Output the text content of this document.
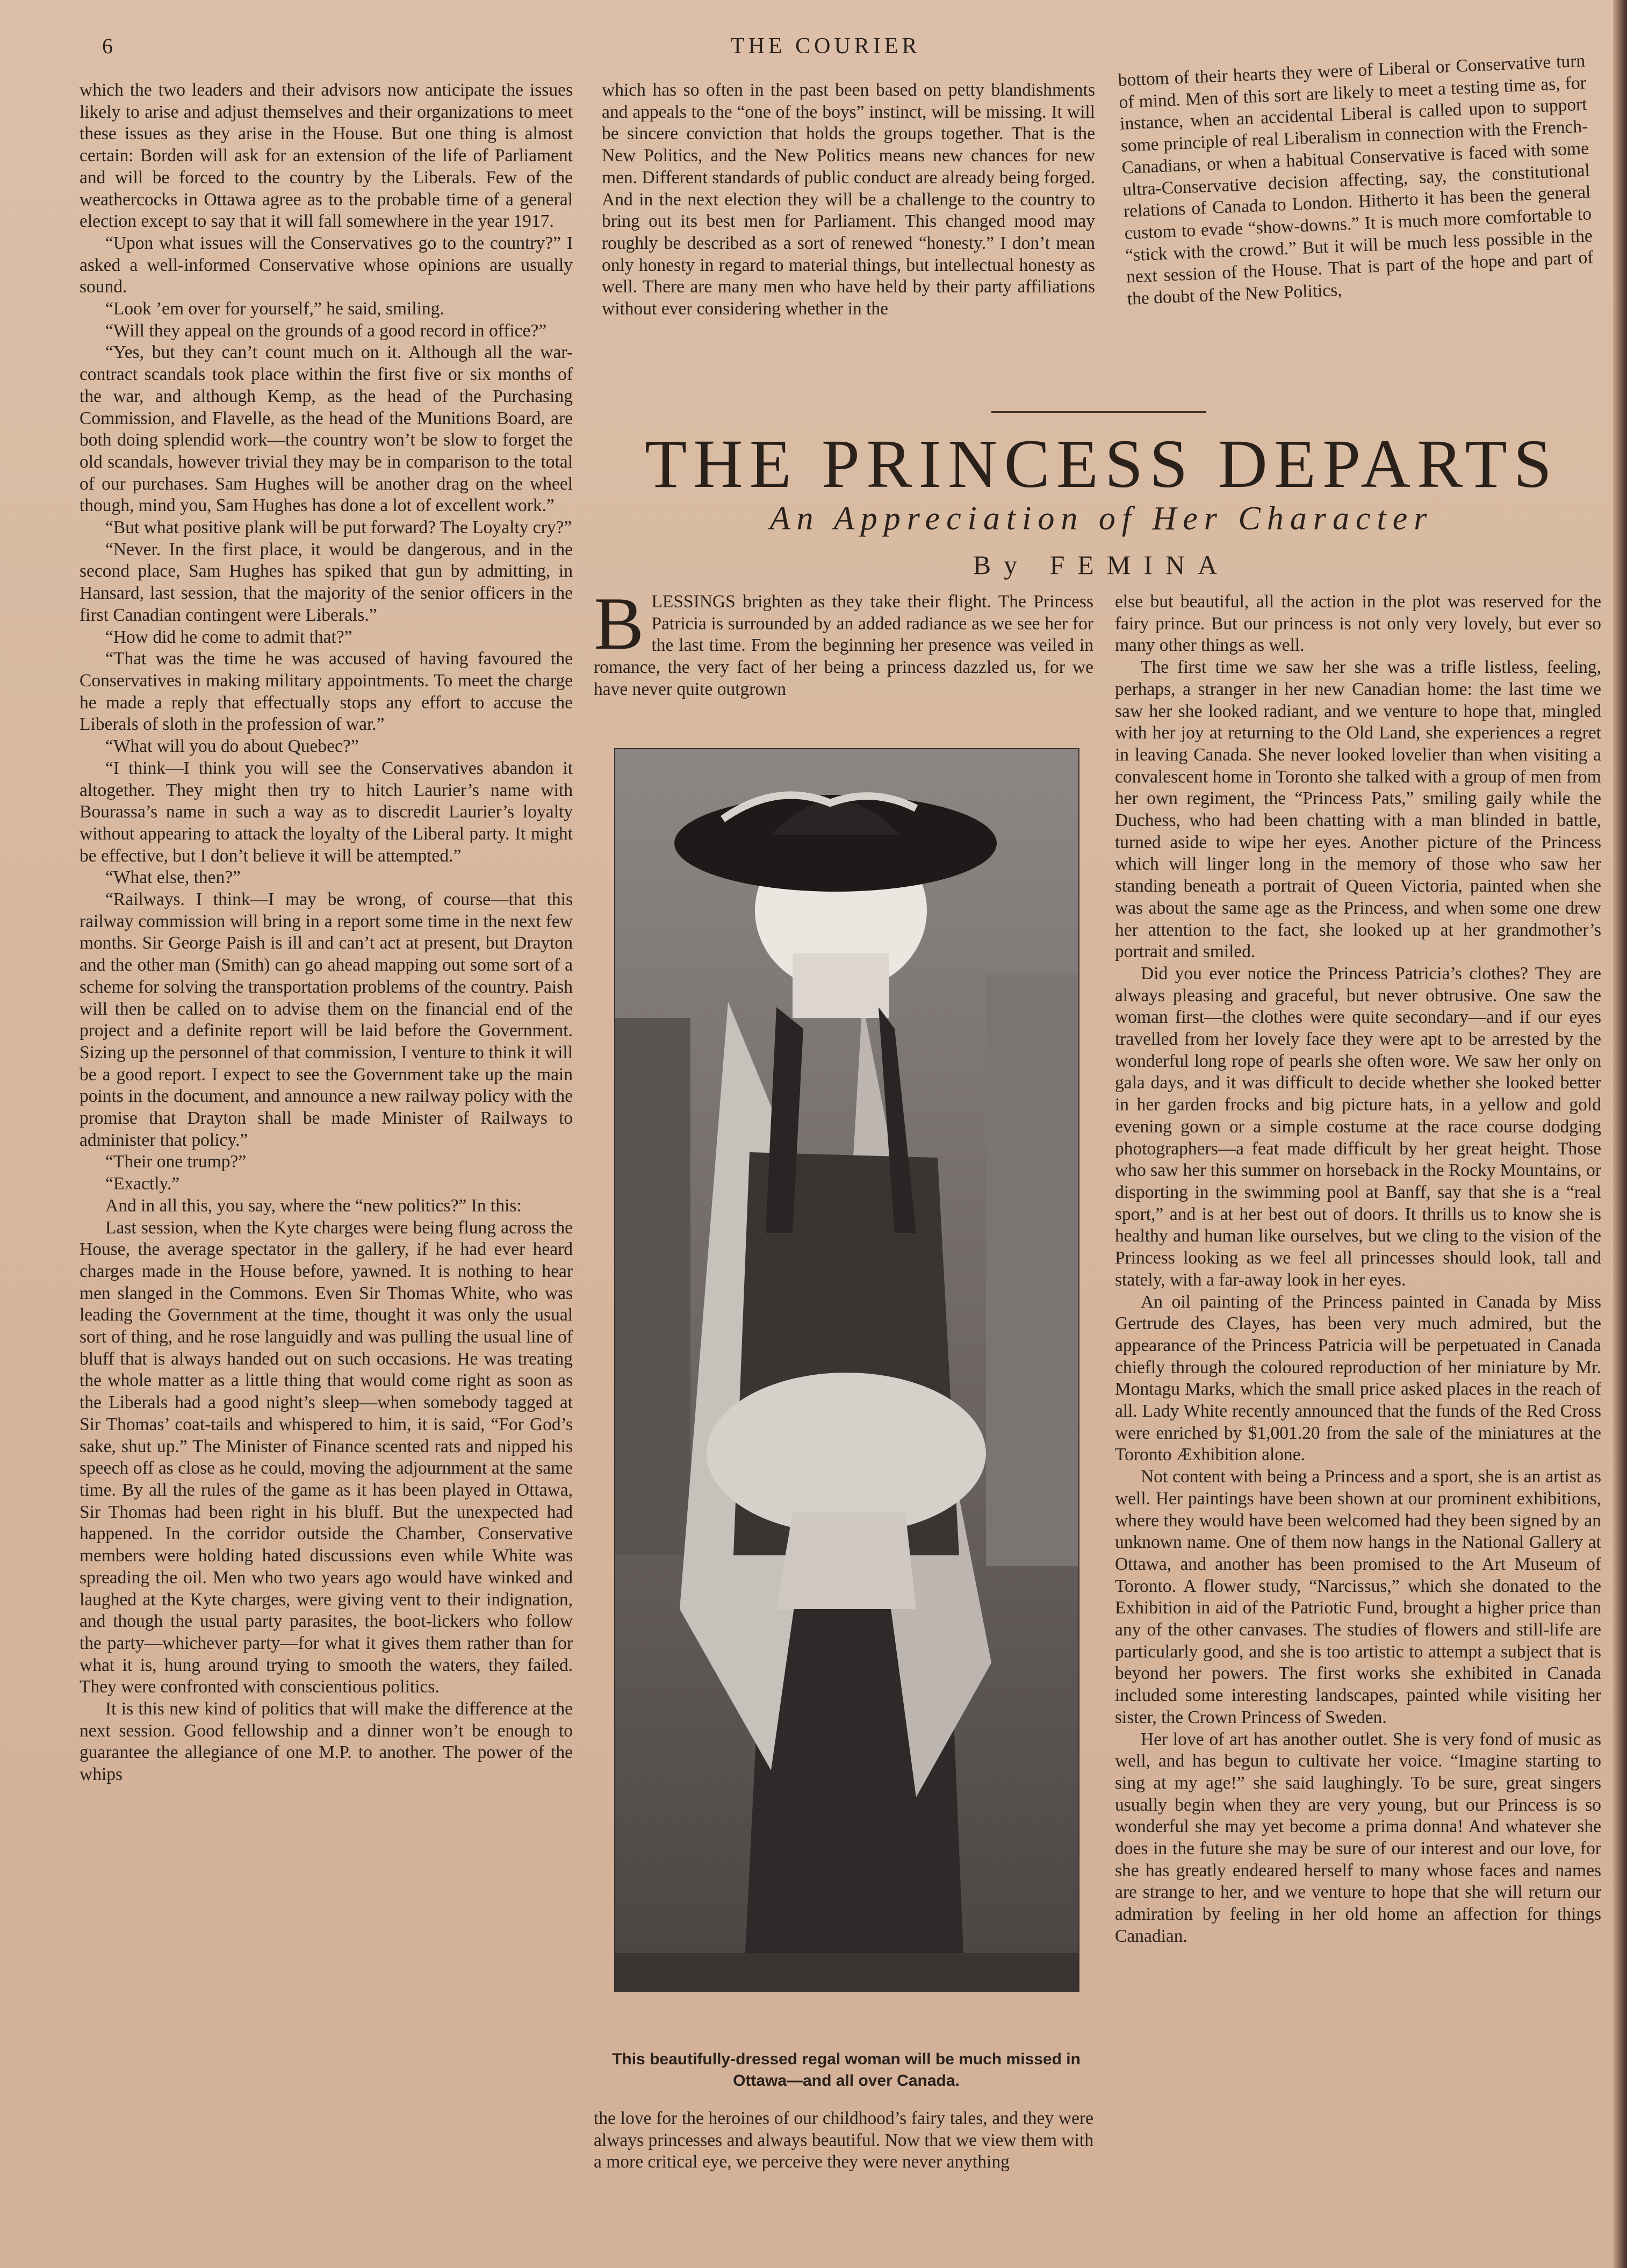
6	THE COURIER

which the two leaders and their advisors now anticipate the issues likely to arise and adjust themselves and their organizations to meet these issues as they arise in the House. But one thing is almost certain: Borden will ask for an extension of the life of Parliament and will be forced to the country by the Liberals. Few of the weathercocks in Ottawa agree as to the probable time of a general election except to say that it will fall somewhere in the year 1917.

“Upon what issues will the Conservatives go to the country?” I asked a well-informed Conservative whose opinions are usually sound.

“Look ’em over for yourself,” he said, smiling.

“Will they appeal on the grounds of a good record in office?”

“Yes, but they can’t count much on it. Although all the war-contract scandals took place within the first five or six months of the war, and although Kemp, as the head of the Purchasing Commission, and Flavelle, as the head of the Munitions Board, are both doing splendid work—the country won’t be slow to forget the old scandals, however trivial they may be in comparison to the total of our purchases. Sam Hughes will be another drag on the wheel though, mind you, Sam Hughes has done a lot of excellent work.”

“But what positive plank will be put forward? The Loyalty cry?”

“Never. In the first place, it would be dangerous, and in the second place, Sam Hughes has spiked that gun by admitting, in Hansard, last session, that the majority of the senior officers in the first Canadian contingent were Liberals.”

“How did he come to admit that?”

“That was the time he was accused of having favoured the Conservatives in making military appointments. To meet the charge he made a reply that effectually stops any effort to accuse the Liberals of sloth in the profession of war.”

“What will you do about Quebec?”

“I think—I think you will see the Conservatives abandon it altogether. They might then try to hitch Laurier’s name with Bourassa’s name in such a way as to discredit Laurier’s loyalty without appearing to attack the loyalty of the Liberal party. It might be effective, but I don’t believe it will be attempted.”

“What else, then?”

“Railways. I think—I may be wrong, of course—that this railway commission will bring in a report some time in the next few months. Sir George Paish is ill and can’t act at present, but Drayton and the other man (Smith) can go ahead mapping out some sort of a scheme for solving the transportation problems of the country. Paish will then be called on to advise them on the financial end of the project and a definite report will be laid before the Government. Sizing up the personnel of that commission, I venture to think it will be a good report. I expect to see the Government take up the main points in the document, and announce a new railway policy with the promise that Drayton shall be made Minister of Railways to administer that policy.”

“Their one trump?”

“Exactly.”

And in all this, you say, where the “new politics?” In this:

Last session, when the Kyte charges were being flung across the House, the average spectator in the gallery, if he had ever heard charges made in the House before, yawned. It is nothing to hear men slanged in the Commons. Even Sir Thomas White, who was leading the Government at the time, thought it was only the usual sort of thing, and he rose languidly and was pulling the usual line of bluff that is always handed out on such occasions. He was treating the whole matter as a little thing that would come right as soon as the Liberals had a good night’s sleep—when somebody tagged at Sir Thomas’ coat-tails and whispered to him, it is said, “For God’s sake, shut up.” The Minister of Finance scented rats and nipped his speech off as close as he could, moving the adjournment at the same time. By all the rules of the game as it has been played in Ottawa, Sir Thomas had been right in his bluff. But the unexpected had happened. In the corridor outside the Chamber, Conservative members were holding hated discussions even while White was spreading the oil. Men who two years ago would have winked and laughed at the Kyte charges, were giving vent to their indignation, and though the usual party parasites, the boot-lickers who follow the party—whichever party—for what it gives them rather than for what it is, hung around trying to smooth the waters, they failed. They were confronted with conscientious politics.

It is this new kind of politics that will make the difference at the next session. Good fellowship and a dinner won’t be enough to guarantee the allegiance of one M.P. to another. The power of the whips

which has so often in the past been based on petty blandishments and appeals to the “one of the boys” instinct, will be missing. It will be sincere conviction that holds the groups together. That is the New Politics, and the New Politics means new chances for new men. Different standards of public conduct are already being forged. And in the next election they will be a challenge to the country to bring out its best men for Parliament. This changed mood may roughly be described as a sort of renewed “honesty.” I don’t mean only honesty in regard to material things, but intellectual honesty as well. There are many men who have held by their party affiliations without ever considering whether in the

bottom of their hearts they were of Liberal or Conservative turn of mind. Men of this sort are likely to meet a testing time as, for instance, when an accidental Liberal is called upon to support some principle of real Liberalism in connection with the French-Canadians, or when a habitual Conservative is faced with some ultra-Conservative decision affecting, say, the constitutional relations of Canada to London. Hitherto it has been the general custom to evade “show-downs.” It is much more comfortable to “stick with the crowd.” But it will be much less possible in the next session of the House. That is part of the hope and part of the doubt of the New Politics,

THE PRINCESS DEPARTS
An Appreciation of Her Character
By FEMINA
BLESSINGS brighten as they take their flight. The Princess Patricia is surrounded by an added radiance as we see her for the last time. From the beginning her presence was veiled in romance, the very fact of her being a princess dazzled us, for we have never quite outgrown
This beautifully-dressed regal woman will be much missed in Ottawa—and all over Canada.

the love for the heroines of our childhood’s fairy tales, and they were always princesses and always beautiful. Now that we view them with a more critical eye, we perceive they were never anything

else but beautiful, all the action in the plot was reserved for the fairy prince. But our princess is not only very lovely, but ever so many other things as well.

The first time we saw her she was a trifle listless, feeling, perhaps, a stranger in her new Canadian home: the last time we saw her she looked radiant, and we venture to hope that, mingled with her joy at returning to the Old Land, she experiences a regret in leaving Canada. She never looked lovelier than when visiting a convalescent home in Toronto she talked with a group of men from her own regiment, the “Princess Pats,” smiling gaily while the Duchess, who had been chatting with a man blinded in battle, turned aside to wipe her eyes. Another picture of the Princess which will linger long in the memory of those who saw her standing beneath a portrait of Queen Victoria, painted when she was about the same age as the Princess, and when some one drew her attention to the fact, she looked up at her grandmother’s portrait and smiled.

Did you ever notice the Princess Patricia’s clothes? They are always pleasing and graceful, but never obtrusive. One saw the woman first—the clothes were quite secondary—and if our eyes travelled from her lovely face they were apt to be arrested by the wonderful long rope of pearls she often wore. We saw her only on gala days, and it was difficult to decide whether she looked better in her garden frocks and big picture hats, in a yellow and gold evening gown or a simple costume at the race course dodging photographers—a feat made difficult by her great height. Those who saw her this summer on horseback in the Rocky Mountains, or disporting in the swimming pool at Banff, say that she is a “real sport,” and is at her best out of doors. It thrills us to know she is healthy and human like ourselves, but we cling to the vision of the Princess looking as we feel all princesses should look, tall and stately, with a far-away look in her eyes.

An oil painting of the Princess painted in Canada by Miss Gertrude des Clayes, has been very much admired, but the appearance of the Princess Patricia will be perpetuated in Canada chiefly through the coloured reproduction of her miniature by Mr. Montagu Marks, which the small price asked places in the reach of all. Lady White recently announced that the funds of the Red Cross were enriched by $1,001.20 from the sale of the miniatures at the Toronto Æxhibition alone.

Not content with being a Princess and a sport, she is an artist as well. Her paintings have been shown at our prominent exhibitions, where they would have been welcomed had they been signed by an unknown name. One of them now hangs in the National Gallery at Ottawa, and another has been promised to the Art Museum of Toronto. A flower study, “Narcissus,” which she donated to the Exhibition in aid of the Patriotic Fund, brought a higher price than any of the other canvases. The studies of flowers and still-life are particularly good, and she is too artistic to attempt a subject that is beyond her powers. The first works she exhibited in Canada included some interesting landscapes, painted while visiting her sister, the Crown Princess of Sweden.

Her love of art has another outlet. She is very fond of music as well, and has begun to cultivate her voice. “Imagine starting to sing at my age!” she said laughingly. To be sure, great singers usually begin when they are very young, but our Princess is so wonderful she may yet become a prima donna! And whatever she does in the future she may be sure of our interest and our love, for she has greatly endeared herself to many whose faces and names are strange to her, and we venture to hope that she will return our admiration by feeling in her old home an affection for things Canadian.
